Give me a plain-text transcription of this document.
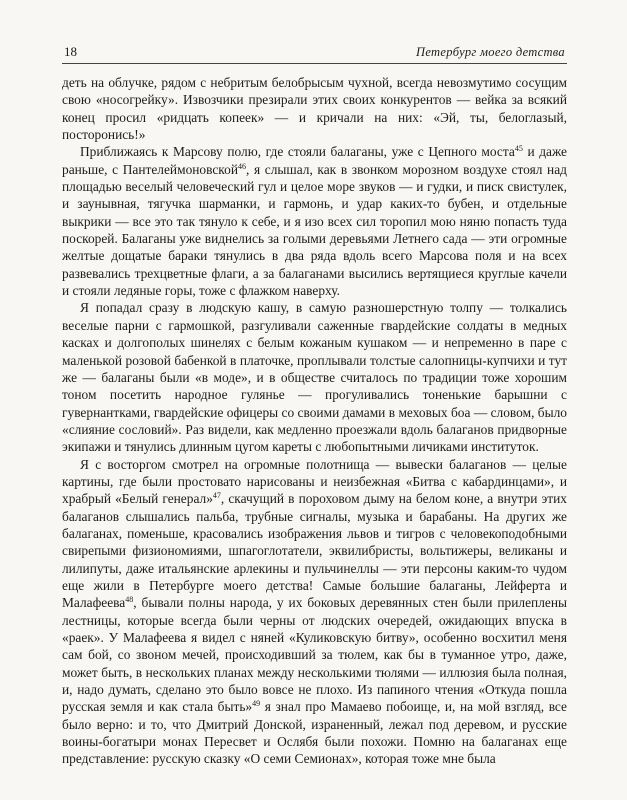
18	Петербург моего детства

деть на облучке, рядом с небритым белобрысым чухной, всегда невозмутимо сосущим свою «носогрейку». Извозчики презирали этих своих конкурентов — вейка за всякий конец просил «ридцать копеек» — и кричали на них: «Эй, ты, белоглазый, посторонись!»

Приближаясь к Марсову полю, где стояли балаганы, уже с Цепного моста$^{45}$ и даже раньше, с Пантелеймоновской$^{46}$, я слышал, как в звонком морозном воздухе стоял над площадью веселый человеческий гул и целое море звуков — и гудки, и писк свистулек, и заунывная, тягучка шарманки, и гармонь, и удар каких-то бубен, и отдельные выкрики — все это так тянуло к себе, и я изо всех сил торопил мою няню попасть туда поскорей. Балаганы уже виднелись за голыми деревьями Летнего сада — эти огромные желтые дощатые бараки тянулись в два ряда вдоль всего Марсова поля и на всех развевались трехцветные флаги, а за балаганами высились вертящиеся круглые качели и стояли ледяные горы, тоже с флажком наверху.

Я попадал сразу в людскую кашу, в самую разношерстную толпу — толкались веселые парни с гармошкой, разгуливали саженные гвардейские солдаты в медных касках и долгополых шинелях с белым кожаным кушаком — и непременно в паре с маленькой розовой бабенкой в платочке, проплывали толстые салопницы-купчихи и тут же — балаганы были «в моде», и в обществе считалось по традиции тоже хорошим тоном посетить народное гулянье — прогуливались тоненькие барышни с гувернантками, гвардейские офицеры со своими дамами в меховых боа — словом, было «слияние сословий». Раз видели, как медленно проезжали вдоль балаганов придворные экипажи и тянулись длинным цугом кареты с любопытными личиками институток.

Я с восторгом смотрел на огромные полотнища — вывески балаганов — целые картины, где были простовато нарисованы и неизбежная «Битва с кабардинцами», и храбрый «Белый генерал»$^{47}$, скачущий в пороховом дыму на белом коне, а внутри этих балаганов слышались пальба, трубные сигналы, музыка и барабаны. На других же балаганах, поменьше, красовались изображения львов и тигров с человекоподобными свирепыми физиономиями, шпагоглотатели, эквилибристы, вольтижеры, великаны и лилипуты, даже итальянские арлекины и пульчинеллы — эти персоны каким-то чудом еще жили в Петербурге моего детства! Самые большие балаганы, Лейферта и Малафеева$^{48}$, бывали полны народа, у их боковых деревянных стен были прилеплены лестницы, которые всегда были черны от людских очередей, ожидающих впуска в «раек». У Малафеева я видел с няней «Куликовскую битву», особенно восхитил меня сам бой, со звоном мечей, происходивший за тюлем, как бы в туманное утро, даже, может быть, в нескольких планах между несколькими тюлями — иллюзия была полная, и, надо думать, сделано это было вовсе не плохо. Из папиного чтения «Откуда пошла русская земля и как стала быть»$^{49}$ я знал про Мамаево побоище, и, на мой взгляд, все было верно: и то, что Дмитрий Донской, израненный, лежал под деревом, и русские воины-богатыри монах Пересвет и Ослябя были похожи. Помню на балаганах еще представление: русскую сказку «О семи Семионах», которая тоже мне была
